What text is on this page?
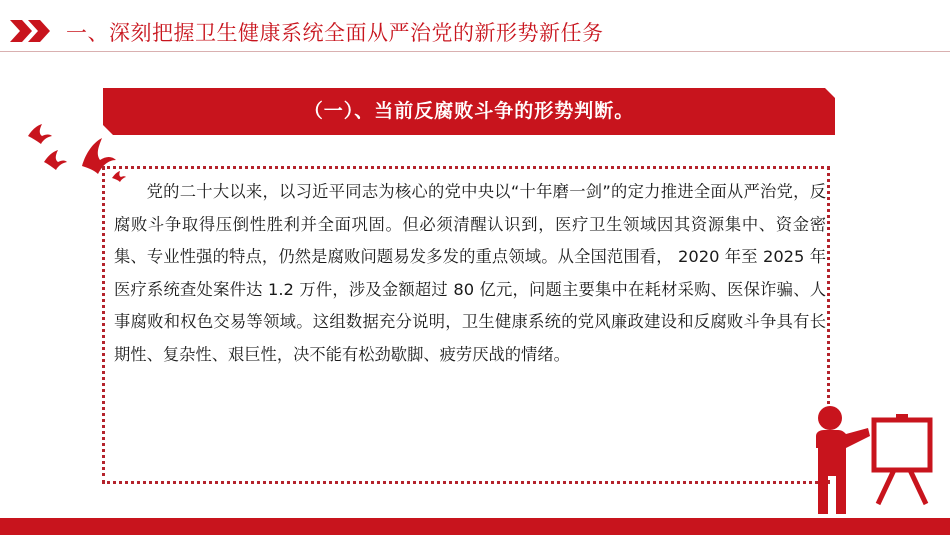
一、深刻把握卫生健康系统全面从严治党的新形势新任务
（一）、当前反腐败斗争的形势判断。

党的二十大以来，以习近平同志为核心的党中央以“十年磨一剑”的定力推进全面从严治党，反腐败斗争取得压倒性胜利并全面巩固。但必须清醒认识到，医疗卫生领域因其资源集中、资金密集、专业性强的特点，仍然是腐败问题易发多发的重点领域。从全国范围看， 2020 年至 2025 年医疗系统查处案件达 1.2 万件，涉及金额超过 80 亿元，问题主要集中在耗材采购、医保诈骗、人事腐败和权色交易等领域。这组数据充分说明，卫生健康系统的党风廉政建设和反腐败斗争具有长期性、复杂性、艰巨性，决不能有松劲歇脚、疲劳厌战的情绪。
